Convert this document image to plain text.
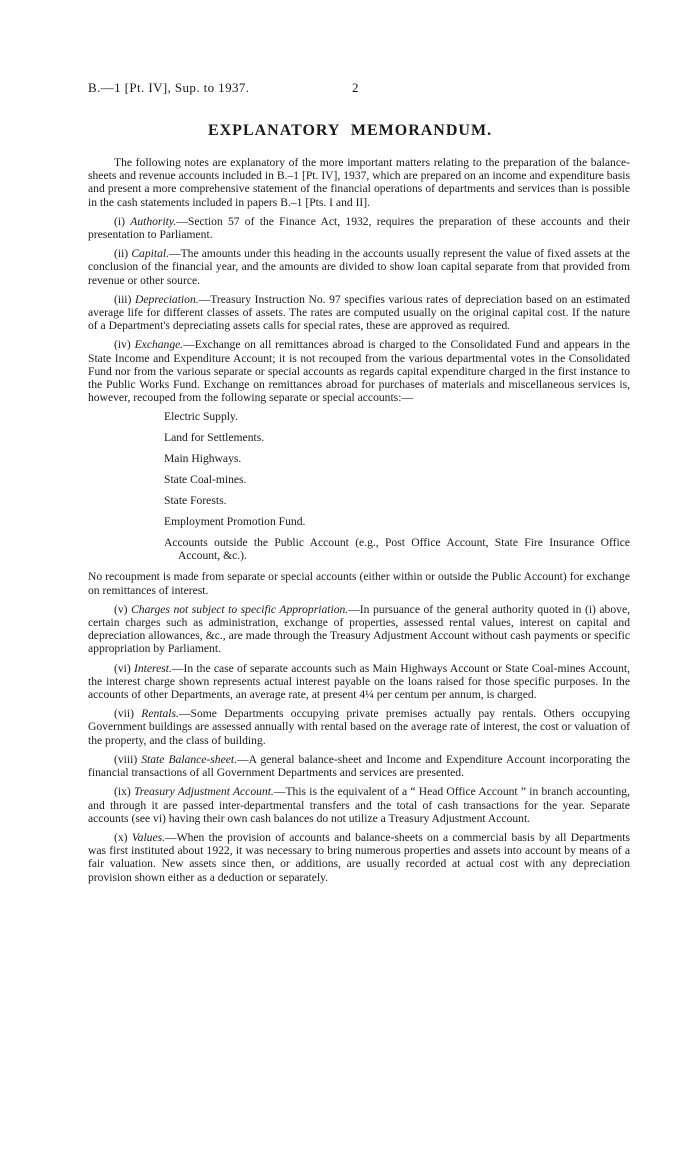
B.—1 [Pt. IV], Sup. to 1937.	2
EXPLANATORY MEMORANDUM.

The following notes are explanatory of the more important matters relating to the preparation of the balance-sheets and revenue accounts included in B.–1 [Pt. IV], 1937, which are prepared on an income and expenditure basis and present a more comprehensive statement of the financial operations of departments and services than is possible in the cash statements included in papers B.–1 [Pts. I and II].

(i) Authority.—Section 57 of the Finance Act, 1932, requires the preparation of these accounts and their presentation to Parliament.

(ii) Capital.—The amounts under this heading in the accounts usually represent the value of fixed assets at the conclusion of the financial year, and the amounts are divided to show loan capital separate from that provided from revenue or other source.

(iii) Depreciation.—Treasury Instruction No. 97 specifies various rates of depreciation based on an estimated average life for different classes of assets. The rates are computed usually on the original capital cost. If the nature of a Department's depreciating assets calls for special rates, these are approved as required.

(iv) Exchange.—Exchange on all remittances abroad is charged to the Consolidated Fund and appears in the State Income and Expenditure Account; it is not recouped from the various departmental votes in the Consolidated Fund nor from the various separate or special accounts as regards capital expenditure charged in the first instance to the Public Works Fund. Exchange on remittances abroad for purchases of materials and miscellaneous services is, however, recouped from the following separate or special accounts:—

Electric Supply.
Land for Settlements.
Main Highways.
State Coal-mines.
State Forests.
Employment Promotion Fund.
Accounts outside the Public Account (e.g., Post Office Account, State Fire Insurance Office Account, &c.).

No recoupment is made from separate or special accounts (either within or outside the Public Account) for exchange on remittances of interest.

(v) Charges not subject to specific Appropriation.—In pursuance of the general authority quoted in (i) above, certain charges such as administration, exchange of properties, assessed rental values, interest on capital and depreciation allowances, &c., are made through the Treasury Adjustment Account without cash payments or specific appropriation by Parliament.

(vi) Interest.—In the case of separate accounts such as Main Highways Account or State Coal-mines Account, the interest charge shown represents actual interest payable on the loans raised for those specific purposes. In the accounts of other Departments, an average rate, at present 4¼ per centum per annum, is charged.

(vii) Rentals.—Some Departments occupying private premises actually pay rentals. Others occupying Government buildings are assessed annually with rental based on the average rate of interest, the cost or valuation of the property, and the class of building.

(viii) State Balance-sheet.—A general balance-sheet and Income and Expenditure Account incorporating the financial transactions of all Government Departments and services are presented.

(ix) Treasury Adjustment Account.—This is the equivalent of a “ Head Office Account ” in branch accounting, and through it are passed inter-departmental transfers and the total of cash transactions for the year. Separate accounts (see vi) having their own cash balances do not utilize a Treasury Adjustment Account.

(x) Values.—When the provision of accounts and balance-sheets on a commercial basis by all Departments was first instituted about 1922, it was necessary to bring numerous properties and assets into account by means of a fair valuation. New assets since then, or additions, are usually recorded at actual cost with any depreciation provision shown either as a deduction or separately.
